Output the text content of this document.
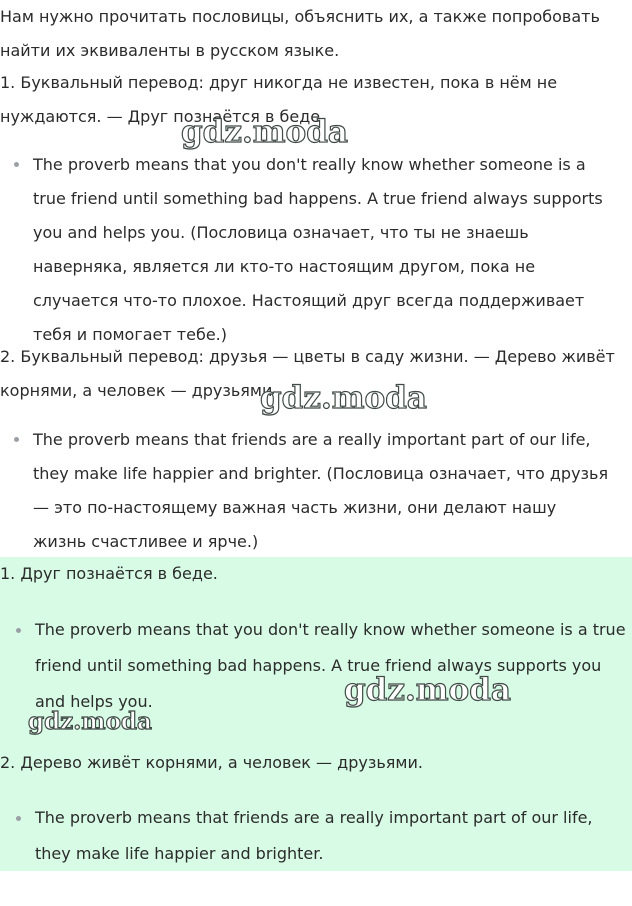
Нам нужно прочитать пословицы, объяснить их, а также попробовать найти их эквиваленты в русском языке.
1. Буквальный перевод: друг никогда не известен, пока в нём не нуждаются. — Друг познаётся в беде.
The proverb means that you don't really know whether someone is a true friend until something bad happens. A true friend always supports you and helps you. (Пословица означает, что ты не знаешь наверняка, является ли кто-то настоящим другом, пока не случается что-то плохое. Настоящий друг всегда поддерживает тебя и помогает тебе.)
2. Буквальный перевод: друзья — цветы в саду жизни. — Дерево живёт корнями, а человек — друзьями.
The proverb means that friends are a really important part of our life, they make life happier and brighter. (Пословица означает, что друзья — это по-настоящему важная часть жизни, они делают нашу жизнь счастливее и ярче.)
1. Друг познаётся в беде.
The proverb means that you don't really know whether someone is a true friend until something bad happens. A true friend always supports you and helps you.
2. Дерево живёт корнями, а человек — друзьями.
The proverb means that friends are a really important part of our life, they make life happier and brighter.
gdz.moda
gdz.moda
gdz.moda
gdz.moda
